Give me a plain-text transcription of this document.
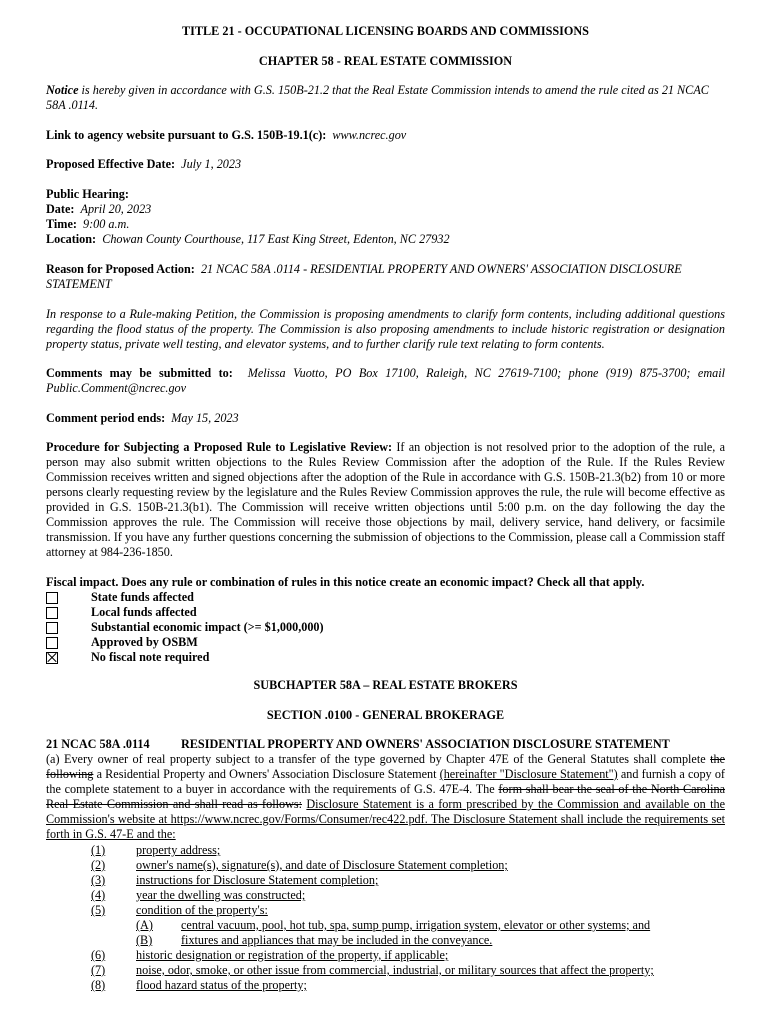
TITLE 21 - OCCUPATIONAL LICENSING BOARDS AND COMMISSIONS
CHAPTER 58 - REAL ESTATE COMMISSION

Notice is hereby given in accordance with G.S. 150B-21.2 that the Real Estate Commission intends to amend the rule cited as 21 NCAC 58A .0114.

Link to agency website pursuant to G.S. 150B-19.1(c): www.ncrec.gov

Proposed Effective Date: July 1, 2023

Public Hearing:
Date: April 20, 2023
Time: 9:00 a.m.
Location: Chowan County Courthouse, 117 East King Street, Edenton, NC 27932

Reason for Proposed Action: 21 NCAC 58A .0114 - RESIDENTIAL PROPERTY AND OWNERS' ASSOCIATION DISCLOSURE STATEMENT

In response to a Rule-making Petition, the Commission is proposing amendments to clarify form contents, including additional questions regarding the flood status of the property. The Commission is also proposing amendments to include historic registration or designation property status, private well testing, and elevator systems, and to further clarify rule text relating to form contents.

Comments may be submitted to: Melissa Vuotto, PO Box 17100, Raleigh, NC 27619-7100; phone (919) 875-3700; email Public.Comment@ncrec.gov

Comment period ends: May 15, 2023

Procedure for Subjecting a Proposed Rule to Legislative Review: If an objection is not resolved prior to the adoption of the rule, a person may also submit written objections to the Rules Review Commission after the adoption of the Rule. If the Rules Review Commission receives written and signed objections after the adoption of the Rule in accordance with G.S. 150B-21.3(b2) from 10 or more persons clearly requesting review by the legislature and the Rules Review Commission approves the rule, the rule will become effective as provided in G.S. 150B-21.3(b1). The Commission will receive written objections until 5:00 p.m. on the day following the day the Commission approves the rule. The Commission will receive those objections by mail, delivery service, hand delivery, or facsimile transmission. If you have any further questions concerning the submission of objections to the Commission, please call a Commission staff attorney at 984-236-1850.

Fiscal impact. Does any rule or combination of rules in this notice create an economic impact? Check all that apply.
State funds affected
Local funds affected
Substantial economic impact (>= $1,000,000)
Approved by OSBM
No fiscal note required
SUBCHAPTER 58A – REAL ESTATE BROKERS
SECTION .0100 - GENERAL BROKERAGE
21 NCAC 58A .0114	RESIDENTIAL PROPERTY AND OWNERS' ASSOCIATION DISCLOSURE STATEMENT

(a) Every owner of real property subject to a transfer of the type governed by Chapter 47E of the General Statutes shall complete the following a Residential Property and Owners' Association Disclosure Statement (hereinafter "Disclosure Statement") and furnish a copy of the complete statement to a buyer in accordance with the requirements of G.S. 47E-4. The form shall bear the seal of the North Carolina Real Estate Commission and shall read as follows: Disclosure Statement is a form prescribed by the Commission and available on the Commission's website at https://www.ncrec.gov/Forms/Consumer/rec422.pdf. The Disclosure Statement shall include the requirements set forth in G.S. 47-E and the:

(1)	property address;
(2)	owner's name(s), signature(s), and date of Disclosure Statement completion;
(3)	instructions for Disclosure Statement completion;
(4)	year the dwelling was constructed;
(5)	condition of the property's:
(A)	central vacuum, pool, hot tub, spa, sump pump, irrigation system, elevator or other systems; and
(B)	fixtures and appliances that may be included in the conveyance.
(6)	historic designation or registration of the property, if applicable;
(7)	noise, odor, smoke, or other issue from commercial, industrial, or military sources that affect the property;
(8)	flood hazard status of the property;
